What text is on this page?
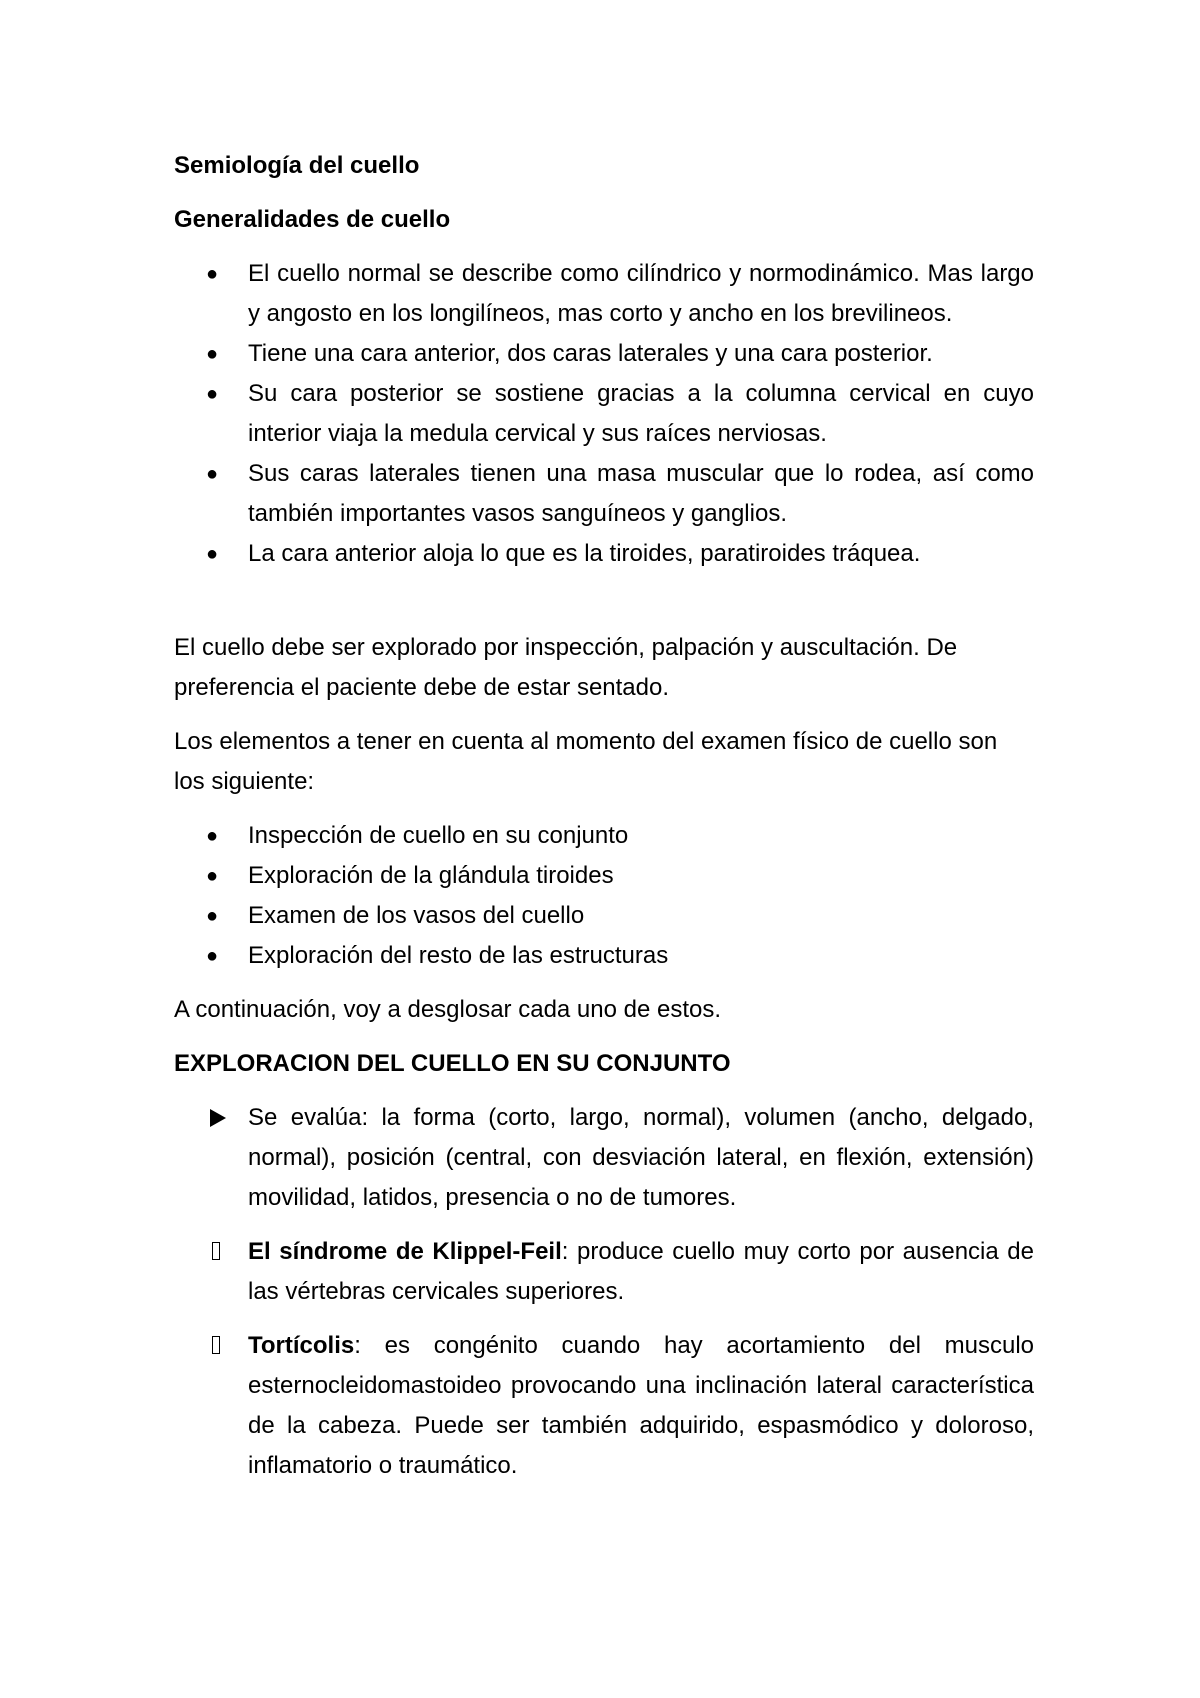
Semiología del cuello
Generalidades de cuello
●	El cuello normal se describe como cilíndrico y normodinámico. Mas largo y angosto en los longilíneos, mas corto y ancho en los brevilineos.
●	Tiene una cara anterior, dos caras laterales y una cara posterior.
●	Su cara posterior se sostiene gracias a la columna cervical en cuyo interior viaja la medula cervical y sus raíces nerviosas.
●	Sus caras laterales tienen una masa muscular que lo rodea, así como también importantes vasos sanguíneos y ganglios.
●	La cara anterior aloja lo que es la tiroides, paratiroides tráquea.
El cuello debe ser explorado por inspección, palpación y auscultación. De preferencia el paciente debe de estar sentado.
Los elementos a tener en cuenta al momento del examen físico de cuello son los siguiente:
●	Inspección de cuello en su conjunto
●	Exploración de la glándula tiroides
●	Examen de los vasos del cuello
●	Exploración del resto de las estructuras
A continuación, voy a desglosar cada uno de estos.
EXPLORACION DEL CUELLO EN SU CONJUNTO
Se evalúa: la forma (corto, largo, normal), volumen (ancho, delgado, normal), posición (central, con desviación lateral, en flexión, extensión) movilidad, latidos, presencia o no de tumores.
El síndrome de Klippel-Feil: produce cuello muy corto por ausencia de las vértebras cervicales superiores.
Tortícolis: es congénito cuando hay acortamiento del musculo esternocleidomastoideo provocando una inclinación lateral característica de la cabeza. Puede ser también adquirido, espasmódico y doloroso, inflamatorio o traumático.
